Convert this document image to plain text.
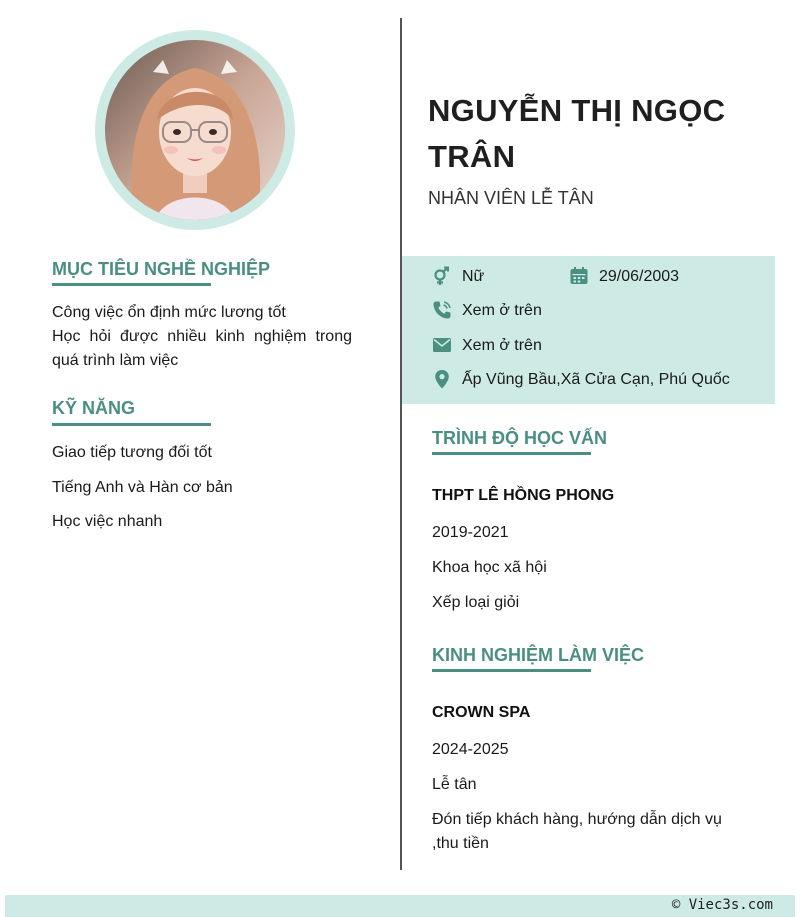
MỤC TIÊU NGHỀ NGHIỆP

Công việc ổn định mức lương tốt
Học hỏi được nhiều kinh nghiệm trong quá trình làm việc

KỸ NĂNG

Giao tiếp tương đối tốt

Tiếng Anh và Hàn cơ bản

Học việc nhanh

NGUYỄN THỊ NGỌC TRÂN

NHÂN VIÊN LỄ TÂN

Nữ	29/06/2003

Xem ở trên

Xem ở trên

Ấp Vũng Bầu,Xã Cửa Cạn, Phú Quốc

TRÌNH ĐỘ HỌC VẤN

THPT LÊ HỒNG PHONG

2019-2021

Khoa học xã hội

Xếp loại giỏi

KINH NGHIỆM LÀM VIỆC

CROWN SPA

2024-2025

Lễ tân

Đón tiếp khách hàng, hướng dẫn dịch vụ

,thu tiền

© Viec3s.com
